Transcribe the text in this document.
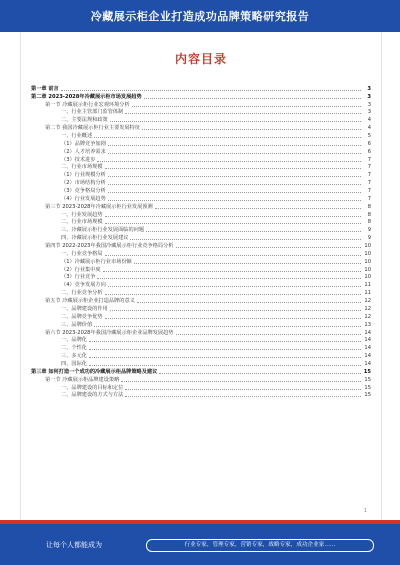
冷藏展示柜企业打造成功品牌策略研究报告
内容目录
第一章 前言	3
第二章 2023-2028年冷藏展示柜市场发展趋势	3
第一节 冷藏展示柜行业宏观环境分析	3
一、行业主管部门监管体制	3
二、主要法规和政策	4
第二节 我国冷藏展示柜行业主要发展特征	4
一、行业概述	5
（1）品牌竞争加剧	6
（2）人才培养需求	6
（3）技术进步	7
二、行业市场规模	7
（1）行业规模分析	7
（2）市场结构分析	7
（3）竞争格局分析	7
（4）行业发展趋势	7
第三节 2023-2028年冷藏展示柜行业发展预测	8
一、行业发展趋势	8
二、行业市场规模	8
三、冷藏展示柜行业发展面临的问题	9
四、冷藏展示柜行业发展建议	9
第四节 2022-2023年我国冷藏展示柜行业竞争格局分析	10
一、行业竞争格局	10
（1）冷藏展示柜行业市场份额	10
（2）行业集中度	10
（3）行业竞争	10
（4）竞争发展方向	11
二、行业竞争分析	11
第五节 冷藏展示柜企业打造品牌的意义	12
一、品牌建设的作用	12
二、品牌竞争优势	12
三、品牌价值	13
第六节 2023-2028年我国冷藏展示柜企业品牌发展趋势	14
一、品牌化	14
二、个性化	14
三、多元化	14
四、国际化	14
第三章 如何打造一个成功的冷藏展示柜品牌策略及建议	15
第一节 冷藏展示柜品牌建设策略	15
一、品牌建设的目标和定位	15
二、品牌建设的方式与方法	15
1
让每个人都能成为	行业专家，管理专家，营销专家，战略专家，成功企业家……
